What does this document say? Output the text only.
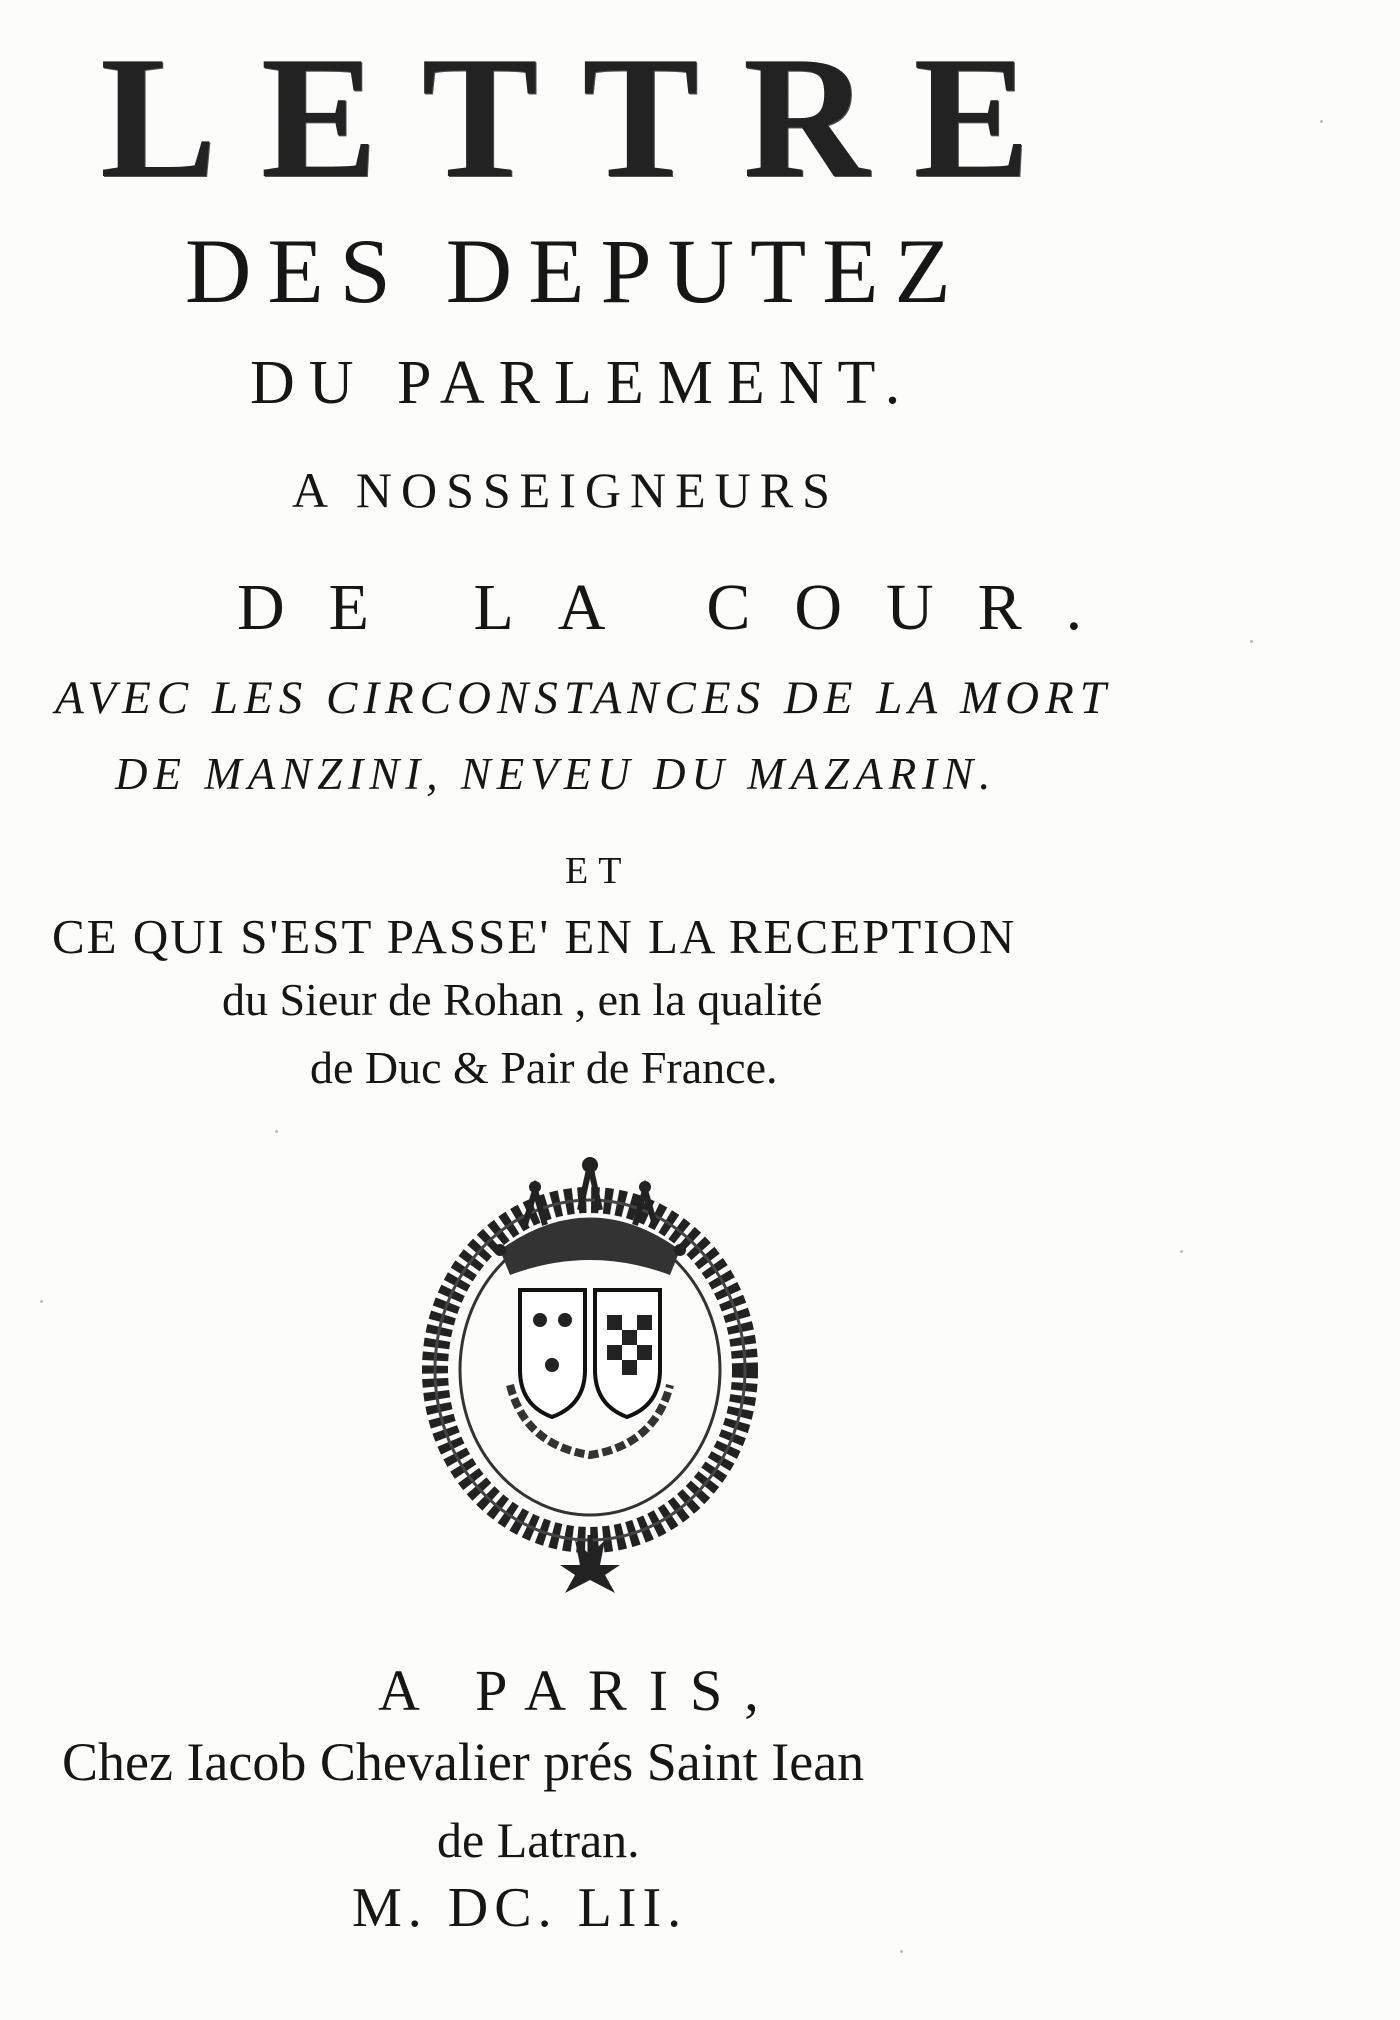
LETTRE
DES DEPUTEZ
DU PARLEMENT.
A NOSSEIGNEURS
DE LA COUR.
AVEC LES CIRCONSTANCES DE LA MORT
DE MANZINI, NEVEU DU MAZARIN.
ET
CE QUI S'EST PASSE' EN LA RECEPTION
du Sieur de Rohan , en la qualité
de Duc & Pair de France.
A PARIS,
Chez Iacob Chevalier prés Saint Iean
de Latran.
M. DC. LII.
